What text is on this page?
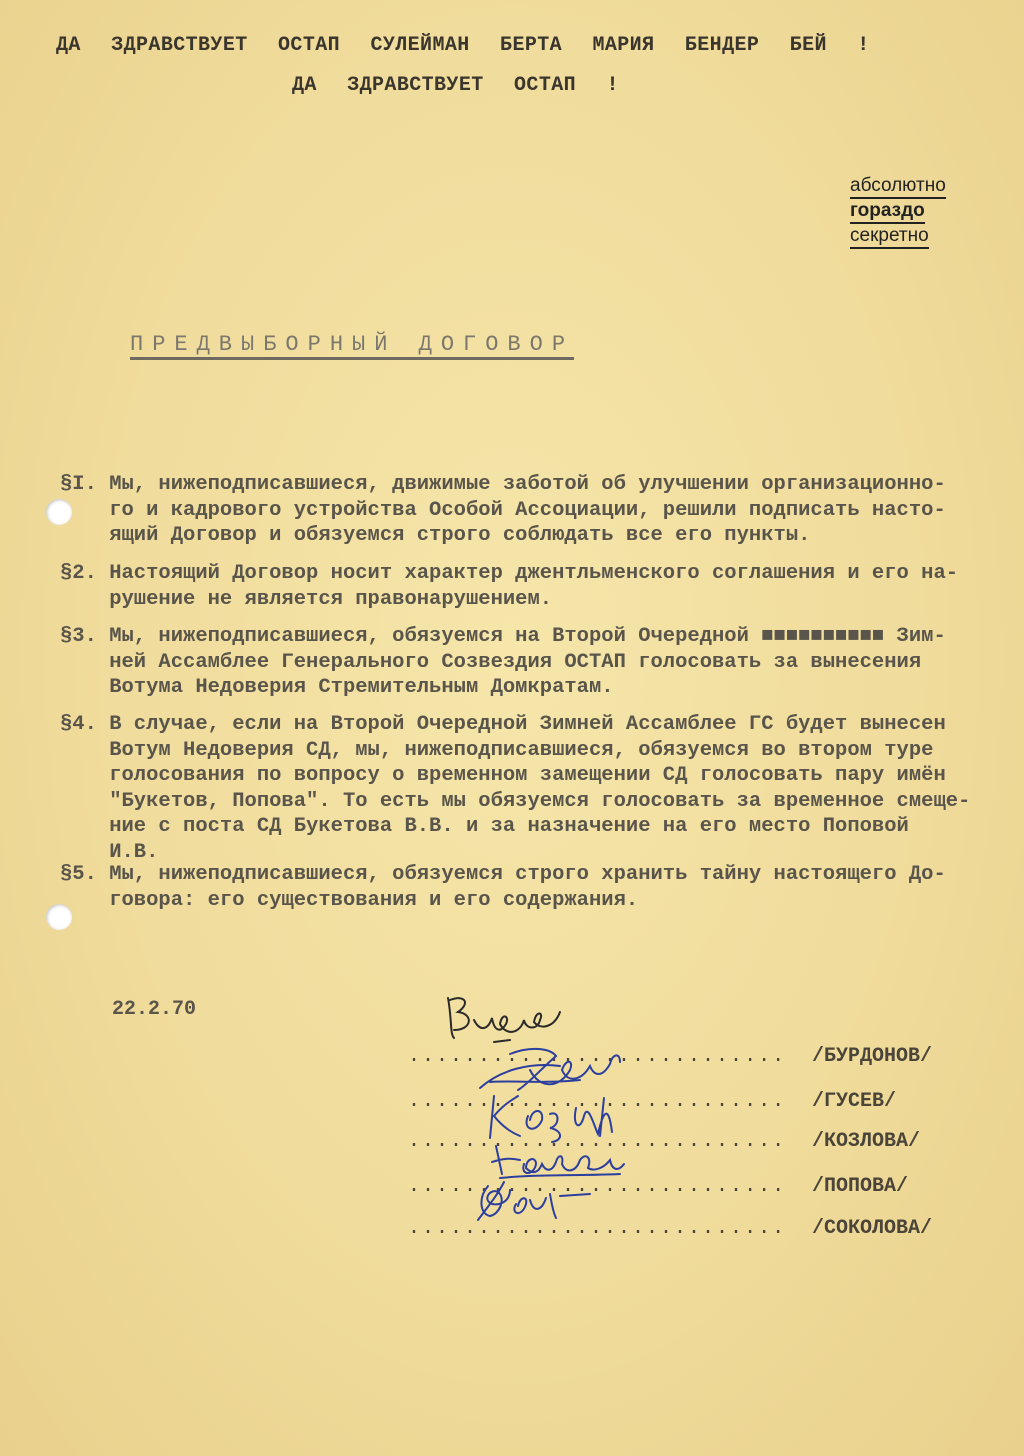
ДА ЗДРАВСТВУЕТ ОСТАП СУЛЕЙМАН БЕРТА МАРИЯ БЕНДЕР БЕЙ !
ДА ЗДРАВСТВУЕТ ОСТАП !
абсолютно
гораздо
секретно
ПРЕДВЫБОРНЫЙ ДОГОВОР
§I. Мы, нижеподписавшиеся, движимые заботой об улучшении организационно-
го и кадрового устройства Особой Ассоциации, решили подписать насто-
ящий Договор и обязуемся строго соблюдать все его пункты.
§2. Настоящий Договор носит характер джентльменского соглашения и его на-
рушение не является правонарушением.
§3. Мы, нижеподписавшиеся, обязуемся на Второй Очередной ■■■■■■■■■■ Зим-
ней Ассамблее Генерального Созвездия ОСТАП голосовать за вынесения
Вотума Недоверия Стремительным Домкратам.
§4. В случае, если на Второй Очередной Зимней Ассамблее ГС будет вынесен
Вотум Недоверия СД, мы, нижеподписавшиеся, обязуемся во втором туре
голосования по вопросу о временном замещении СД голосовать пару имён
"Букетов, Попова". То есть мы обязуемся голосовать за временное смеще-
ние с поста СД Букетова В.В. и за назначение на его место Поповой
И.В.
§5. Мы, нижеподписавшиеся, обязуемся строго хранить тайну настоящего До-
говора: его существования и его содержания.
22.2.70

........................... /БУРДОНОВ/

........................... /ГУСЕВ/

........................... /КОЗЛОВА/

........................... /ПОПОВА/

........................... /СОКОЛОВА/
